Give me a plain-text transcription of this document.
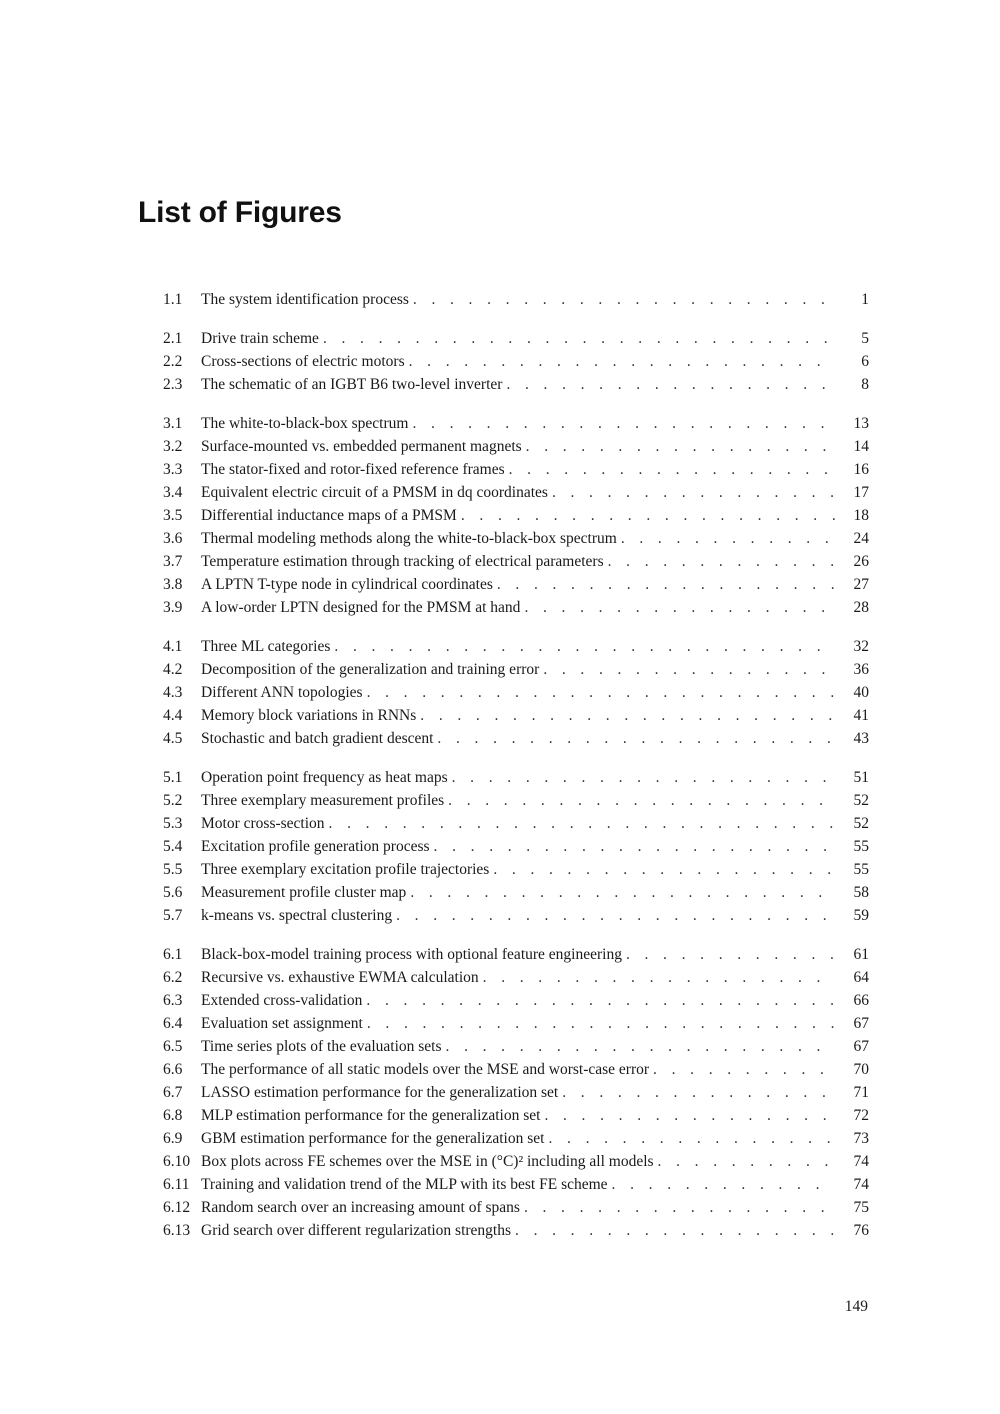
List of Figures
1.1	The system identification process . . .	1
2.1	Drive train scheme . . .	5
2.2	Cross-sections of electric motors . . .	6
2.3	The schematic of an IGBT B6 two-level inverter . . .	8
3.1	The white-to-black-box spectrum . . .	13
3.2	Surface-mounted vs. embedded permanent magnets . . .	14
3.3	The stator-fixed and rotor-fixed reference frames . . .	16
3.4	Equivalent electric circuit of a PMSM in dq coordinates . . .	17
3.5	Differential inductance maps of a PMSM . . .	18
3.6	Thermal modeling methods along the white-to-black-box spectrum . . .	24
3.7	Temperature estimation through tracking of electrical parameters . . .	26
3.8	A LPTN T-type node in cylindrical coordinates . . .	27
3.9	A low-order LPTN designed for the PMSM at hand . . .	28
4.1	Three ML categories . . .	32
4.2	Decomposition of the generalization and training error . . .	36
4.3	Different ANN topologies . . .	40
4.4	Memory block variations in RNNs . . .	41
4.5	Stochastic and batch gradient descent . . .	43
5.1	Operation point frequency as heat maps . . .	51
5.2	Three exemplary measurement profiles . . .	52
5.3	Motor cross-section . . .	52
5.4	Excitation profile generation process . . .	55
5.5	Three exemplary excitation profile trajectories . . .	55
5.6	Measurement profile cluster map . . .	58
5.7	k-means vs. spectral clustering . . .	59
6.1	Black-box-model training process with optional feature engineering . . .	61
6.2	Recursive vs. exhaustive EWMA calculation . . .	64
6.3	Extended cross-validation . . .	66
6.4	Evaluation set assignment . . .	67
6.5	Time series plots of the evaluation sets . . .	67
6.6	The performance of all static models over the MSE and worst-case error . . .	70
6.7	LASSO estimation performance for the generalization set . . .	71
6.8	MLP estimation performance for the generalization set . . .	72
6.9	GBM estimation performance for the generalization set . . .	73
6.10 Box plots across FE schemes over the MSE in (°C)² including all models . . .	74
6.11 Training and validation trend of the MLP with its best FE scheme . . .	74
6.12 Random search over an increasing amount of spans . . .	75
6.13 Grid search over different regularization strengths . . .	76
149
